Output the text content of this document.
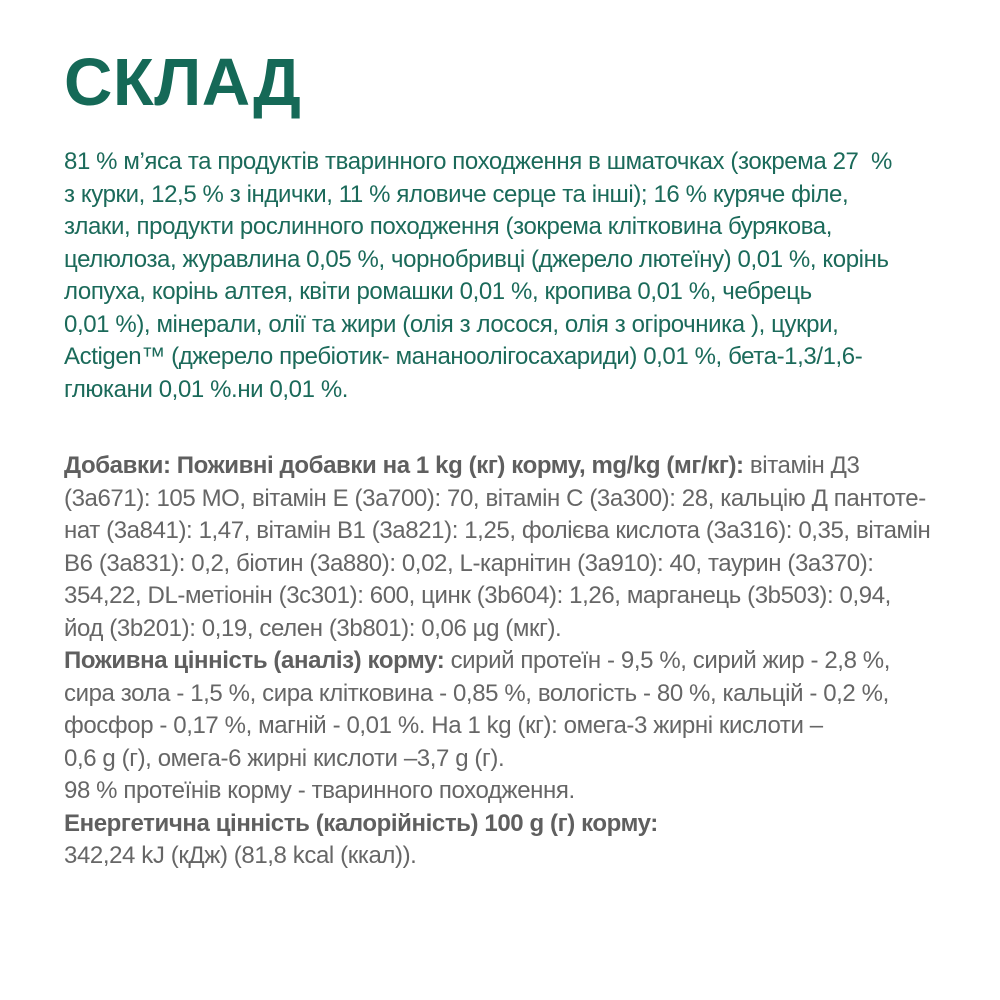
СКЛАД
81 % м’яса та продуктів тваринного походження в шматочках (зокрема 27  %
з курки, 12,5 % з індички, 11 % яловиче серце та інші); 16 % куряче філе,
злаки, продукти рослинного походження (зокрема клітковина бурякова,
целюлоза, журавлина 0,05 %, чорнобривці (джерело лютеїну) 0,01 %, корінь
лопуха, корінь алтея, квіти ромашки 0,01 %, кропива 0,01 %, чебрець
0,01 %), мінерали, олії та жири (олія з лосося, олія з огірочника ), цукри,
Actigen™ (джерело пребіотик- мананоолігосахариди) 0,01 %, бета-1,3/1,6-
глюкани 0,01 %.ни 0,01 %.
Добавки: Поживні добавки на 1 kg (кг) корму, mg/kg (мг/кг): вітамін Д3
(3a671): 105 МО, вітамін E (3a700): 70, вітамін C (3a300): 28, кальцію Д пантоте-
нат (3a841): 1,47, вітамін B1 (3a821): 1,25, фолієва кислота (3a316): 0,35, вітамін
B6 (3a831): 0,2, біотин (3a880): 0,02, L-карнітин (3a910): 40, таурин (3a370):
354,22, DL-метіонін (3c301): 600, цинк (3b604): 1,26, марганець (3b503): 0,94,
йод (3b201): 0,19, селен (3b801): 0,06 µg (мкг).
Поживна цінність (аналіз) корму: сирий протеїн - 9,5 %, сирий жир - 2,8 %,
сира зола - 1,5 %, сира клітковина - 0,85 %, вологість - 80 %, кальцій - 0,2 %,
фосфор - 0,17 %, магній - 0,01 %. На 1 kg (кг): омега-3 жирні кислоти –
0,6 g (г), омега-6 жирні кислоти –3,7 g (г).
98 % протеїнів корму - тваринного походження.
Енергетична цінність (калорійність) 100 g (г) корму:
342,24 kJ (кДж) (81,8 kcal (ккал)).
